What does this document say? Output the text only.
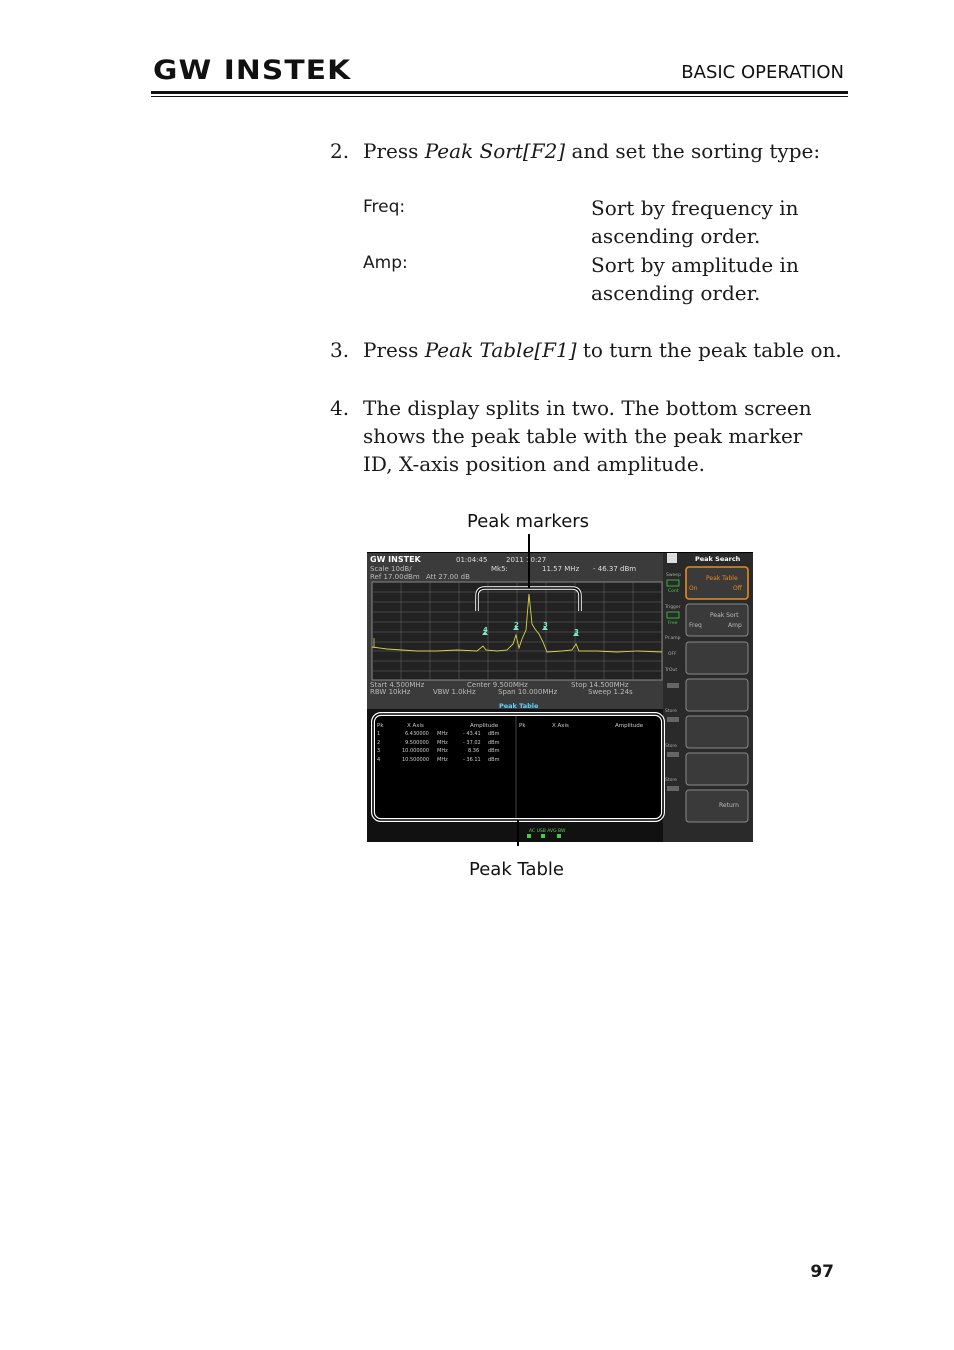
GW INSTEK	BASIC OPERATION
2. Press Peak Sort[F2] and set the sorting type:
Freq:	Sort by frequency in ascending order.
Amp:	Sort by amplitude in ascending order.
3. Press Peak Table[F1] to turn the peak table on.
4. The display splits in two. The bottom screen shows the peak table with the peak marker ID, X-axis position and amplitude.
Peak markers
Peak Table
GW INSTEK	01:04:45	2011 10:27
Scale 10dB/
Ref 17.00dBm Att 27.00 dB
Mk5:	11.57 MHz - 46.37 dBm
4
2	3
3
Start 4.500MHz	Center 9.500MHz	Stop 14.500MHz
RBW 10kHz	VBW 1.0kHz	Span 10.000MHz	Sweep 1.24s
Peak Table
Pk	X Axis	Amplitude	Pk	X Axis	Amplitude
1	6.430000 MHz	- 43.41 dBm
2	9.500000 MHz	- 37.02 dBm
3	10.000000 MHz	8.36 dBm
4	10.500000 MHz	- 36.11 dBm
AC USB AVG BW
Sweep
Cont
Trigger
Free
Pr.amp
OFF
TrOut
Store
Store
Store
Peak Search
Peak Table
On	Off
Peak Sort
Freq	Amp
Return
97
